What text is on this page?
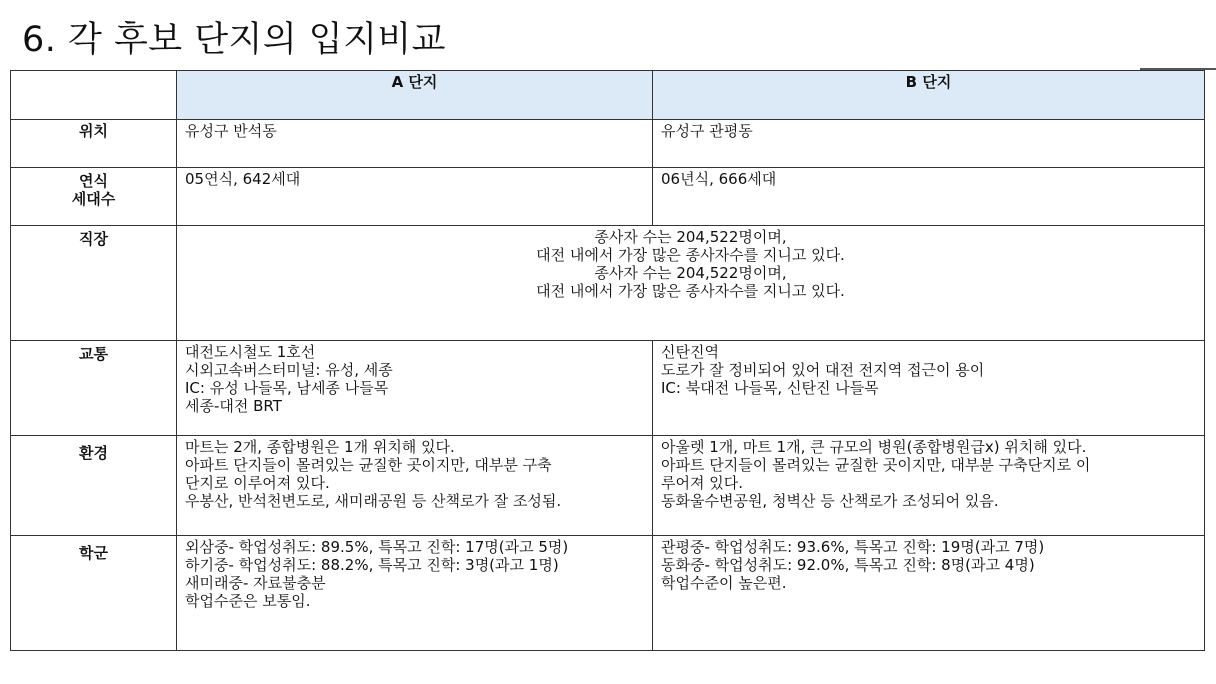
6. 각 후보 단지의 입지비교
	A 단지	B 단지
위치	유성구 반석동	유성구 관평동

연식
세대수	05연식, 642세대	06년식, 666세대
직장	종사자 수는 204,522명이며,
대전 내에서 가장 많은 종사자수를 지니고 있다.
종사자 수는 204,522명이며,
대전 내에서 가장 많은 종사자수를 지니고 있다.	

교통	대전도시철도 1호선
시외고속버스터미널: 유성, 세종
IC: 유성 나들목, 남세종 나들목
세종-대전 BRT	신탄진역
도로가 잘 정비되어 있어 대전 전지역 접근이 용이
IC: 북대전 나들목, 신탄진 나들목

환경	마트는 2개, 종합병원은 1개 위치해 있다.
아파트 단지들이 몰려있는 균질한 곳이지만, 대부분 구축
단지로 이루어져 있다.
우봉산, 반석천변도로, 새미래공원 등 산책로가 잘 조성됨.	아울렛 1개, 마트 1개, 큰 규모의 병원(종합병원급x) 위치해 있다.
아파트 단지들이 몰려있는 균질한 곳이지만, 대부분 구축단지로 이
루어져 있다.
동화울수변공원, 청벽산 등 산책로가 조성되어 있음.

학군	외삼중- 학업성취도: 89.5%, 특목고 진학: 17명(과고 5명)
하기중- 학업성취도: 88.2%, 특목고 진학: 3명(과고 1명)
새미래중- 자료불충분
학업수준은 보통임.	관평중- 학업성취도: 93.6%, 특목고 진학: 19명(과고 7명)
동화중- 학업성취도: 92.0%, 특목고 진학: 8명(과고 4명)
학업수준이 높은편.
